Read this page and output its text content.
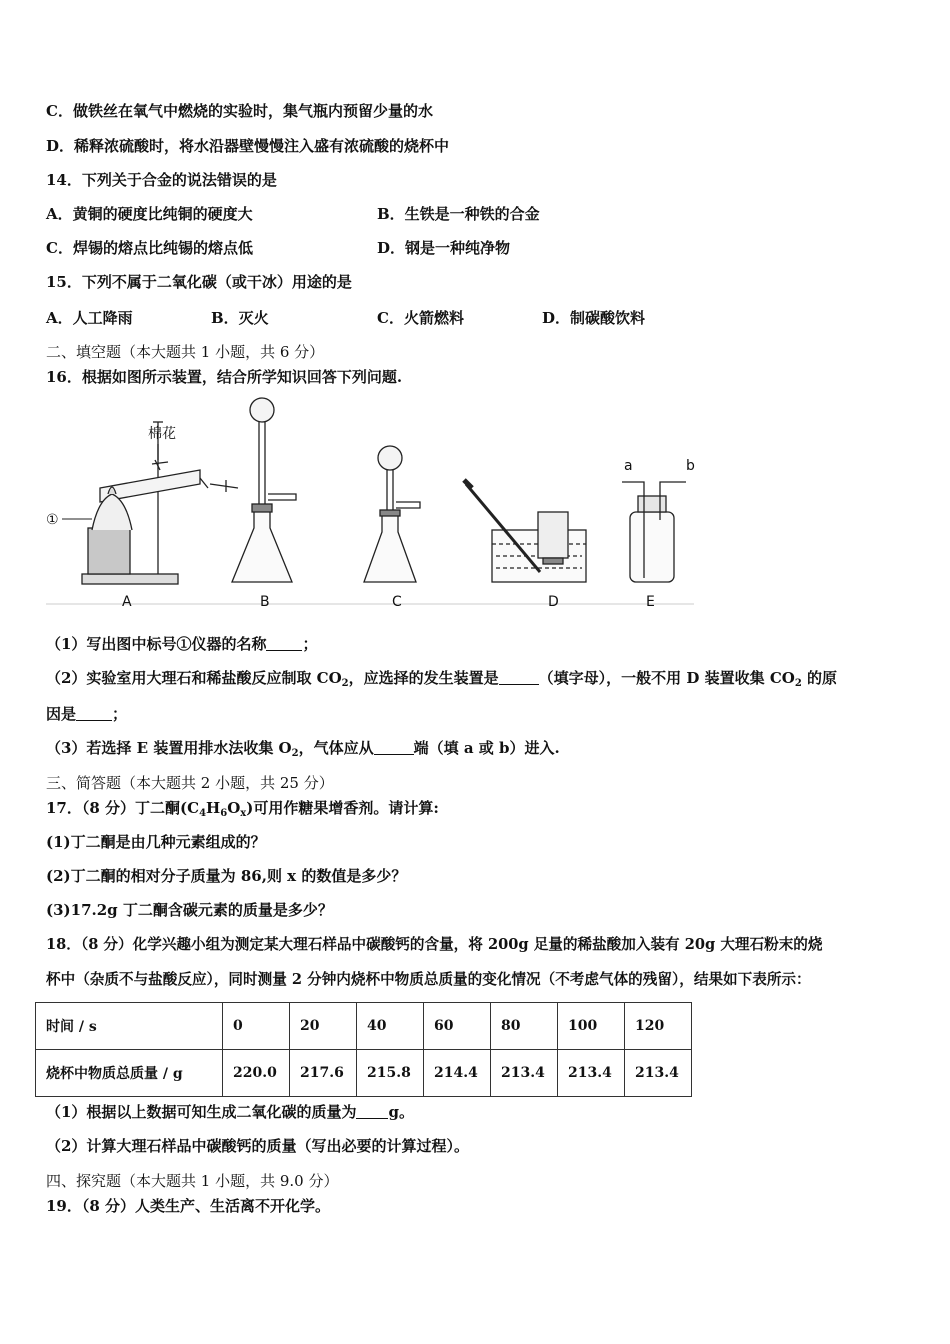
C．做铁丝在氧气中燃烧的实验时，集气瓶内预留少量的水
D．稀释浓硫酸时，将水沿器壁慢慢注入盛有浓硫酸的烧杯中
14．下列关于合金的说法错误的是
A．黄铜的硬度比纯铜的硬度大	B．生铁是一种铁的合金
C．焊锡的熔点比纯锡的熔点低	D．钢是一种纯净物
15．下列不属于二氧化碳（或干冰）用途的是
A．人工降雨	B．灭火	C．火箭燃料	D．制碳酸饮料
二、填空题（本大题共 1 小题，共 6 分）
16．根据如图所示装置，结合所学知识回答下列问题.
棉花
①
a	b
A	B	C	D	E
（1）写出图中标号①仪器的名称 ；
（2）实验室用大理石和稀盐酸反应制取 $CO_2$，应选择的发生装置是	（填字母），一般不用 D 装置收集 $CO_2$ 的原
因是 ；
（3）若选择 E 装置用排水法收集 $O_2$，气体应从	端（填 a 或 b）进入.
三、简答题（本大题共 2 小题，共 25 分）
17．（8 分）丁二酮$(C_4H_6O_x)$可用作糖果增香剂。请计算:
(1)丁二酮是由几种元素组成的？
(2)丁二酮的相对分子质量为 86,则 x 的数值是多少？
(3)17.2g 丁二酮含碳元素的质量是多少？
18．（8 分）化学兴趣小组为测定某大理石样品中碳酸钙的含量，将 200g 足量的稀盐酸加入装有 20g 大理石粉末的烧
杯中（杂质不与盐酸反应），同时测量 2 分钟内烧杯中物质总质量的变化情况（不考虑气体的残留），结果如下表所示：
时间 / s	0	20	40	60	80	100	120
烧杯中物质总质量 / g	220.0	217.6	215.8	214.4	213.4	213.4	213.4
（1）根据以上数据可知生成二氧化碳的质量为 g。
（2）计算大理石样品中碳酸钙的质量（写出必要的计算过程）。
四、探究题（本大题共 1 小题，共 9.0 分）
19．（8 分）人类生产、生活离不开化学。
